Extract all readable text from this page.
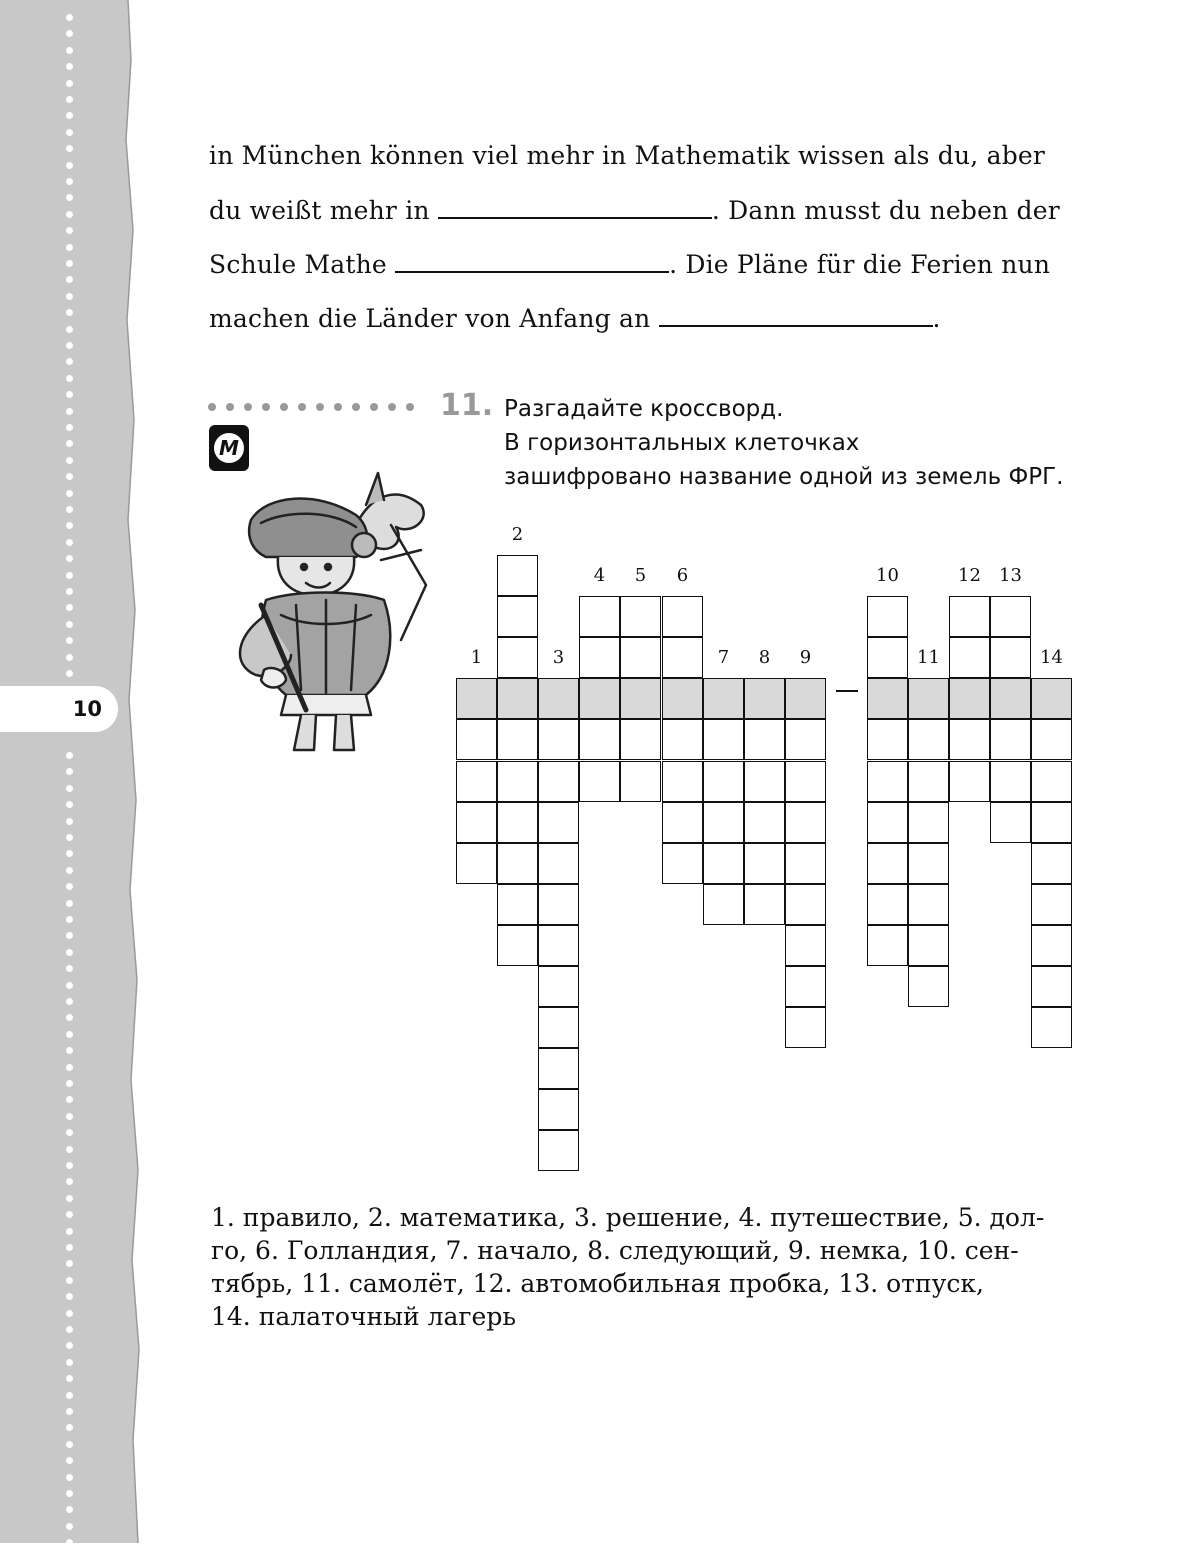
10
in München können viel mehr in Mathematik wissen als du, aber
du weißt mehr in	. Dann musst du neben der
Schule Mathe	. Die Pläne für die Ferien nun
machen die Länder von Anfang an	.
11. Разгадайте кроссворд.
В горизонтальных клеточках
зашифровано название одной из земель ФРГ.
M
1
2
3
4	5	6
7	8	9
10
11
12	13
14
1. правило, 2. математика, 3. решение, 4. путешествие, 5. дол-
го, 6. Голландия, 7. начало, 8. следующий, 9. немка, 10. сен-
тябрь, 11. самолёт, 12. автомобильная пробка, 13. отпуск,
14. палаточный лагерь
